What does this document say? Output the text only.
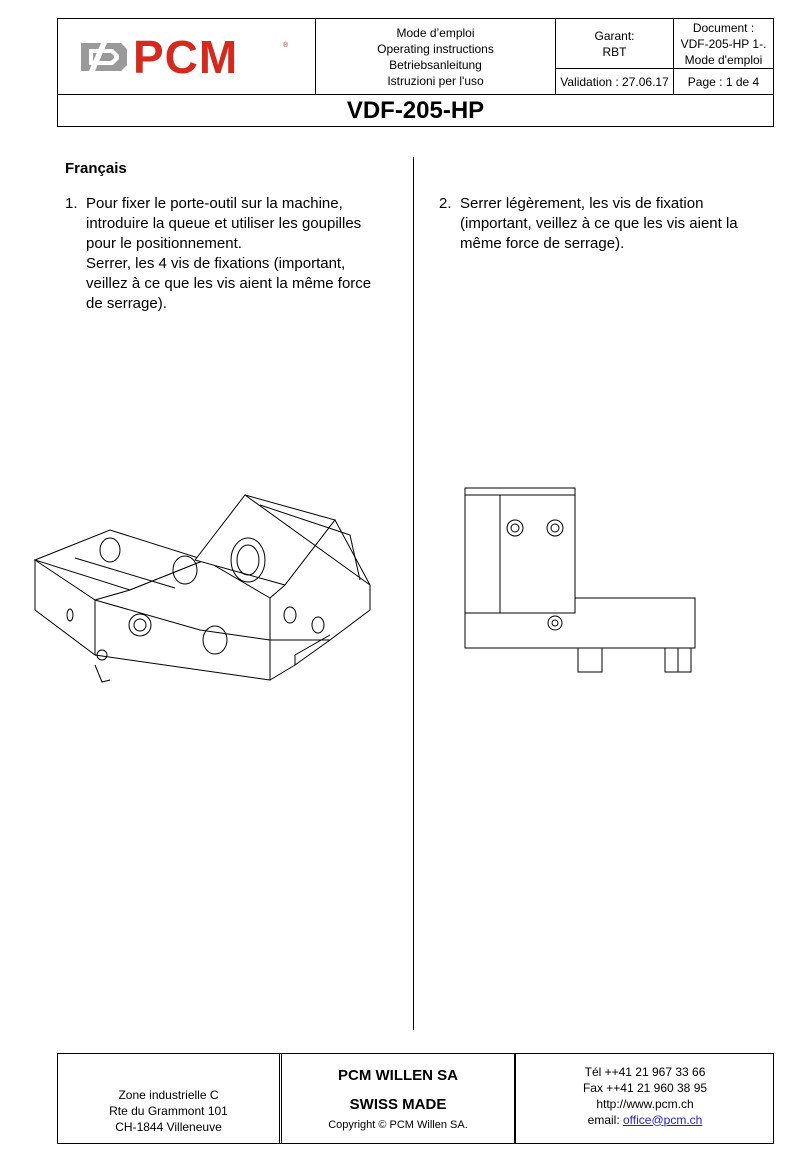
PCM	®
Mode d’emploi
Operating instructions
Betriebsanleitung
Istruzioni per l'uso
Garant:
RBT
Validation : 27.06.17
Document :
VDF-205-HP 1-.
Mode d'emploi
Page : 1 de 4
VDF-205-HP
Français
1. Pour fixer le porte-outil sur la machine,
introduire la queue et utiliser les goupilles
pour le positionnement.
Serrer, les 4 vis de fixations (important,
veillez à ce que les vis aient la même force
de serrage).
2. Serrer légèrement, les vis de fixation
(important, veillez à ce que les vis aient la
même force de serrage).
Zone industrielle C
Rte du Grammont 101
CH-1844 Villeneuve
PCM WILLEN SA
SWISS MADE
Copyright © PCM Willen SA.
Tél ++41 21 967 33 66
Fax ++41 21 960 38 95
http://www.pcm.ch
email: office@pcm.ch
